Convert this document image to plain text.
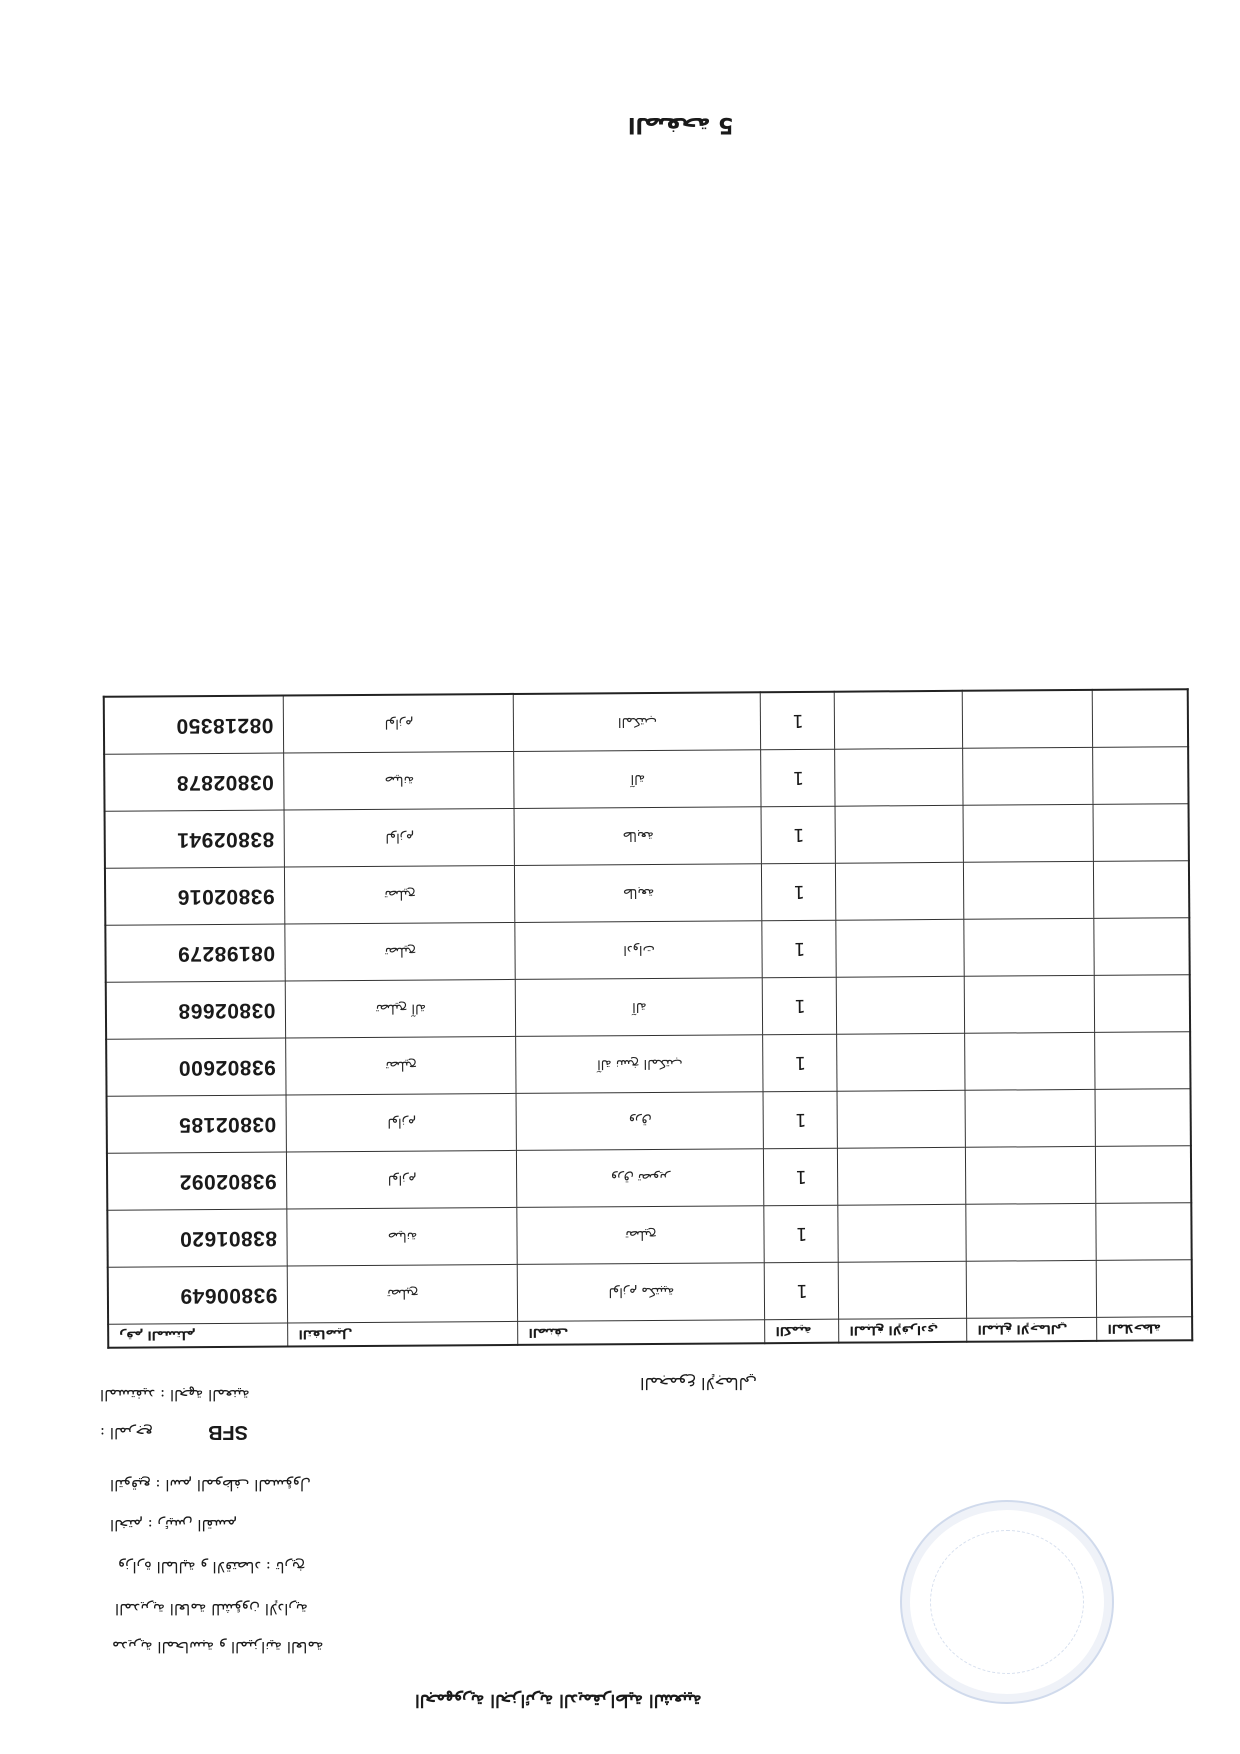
5 الصفحة
الملاحظة	المبلغ الإجمالي	المبلغ الإفرادي	الكمية	الصنف	التفاصيل	رقم المستلم
			1	لوازم مكتبية	تصليح	93800649
			1	تصليح	صيانة	83801620
			1	ورق تصوير	لوازم	93802092
			1	ورق	لوازم	03802185
			1	آلة نسخ المكتب	تصليح	93802600
			1	آلة	تصليح آلة	03802668
			1	ادوات	تصليح	08198279
			1	طابعة	تصليح	93802016
			1	طابعة	لوازم	83802941
			1	آلة	صيانة	03802878
			1	المكتب	لوازم	08218350
المجموع الإجمالي
المستفيد : الجهة المعنية
المرجع :	SFB
التوقيع : اسم الموظف المسؤول
الختم : رئيس القسم
وزارة المالية و الاقتصاد : تاريخ
المديرية العامة للشؤون الإدارية
مديرية المحاسبة و الميزانية العامة
الجمهورية الجزائرية الديمقراطية الشعبية
